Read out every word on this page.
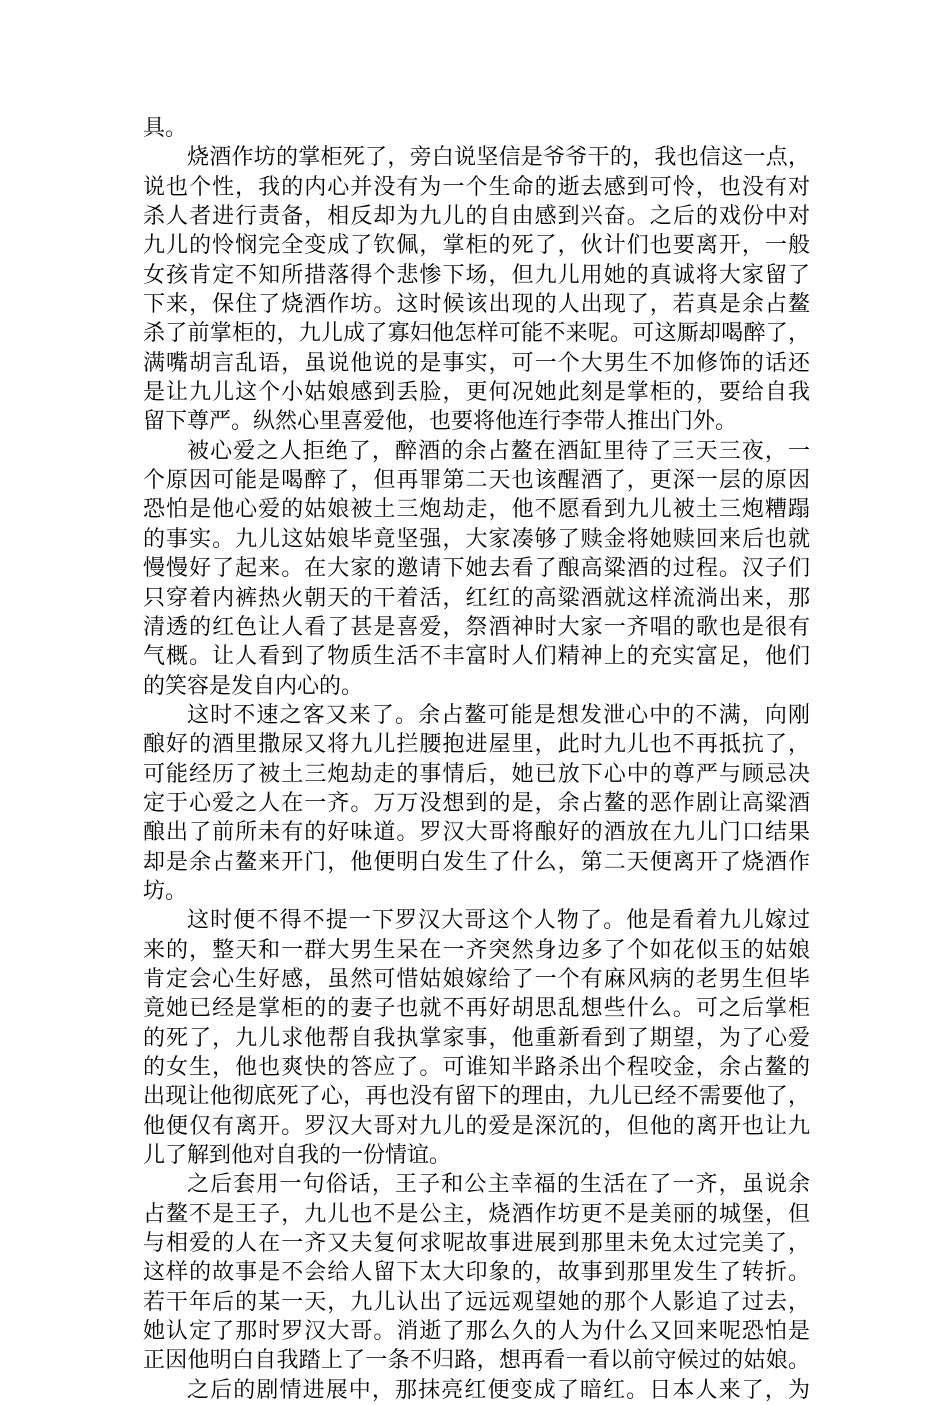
具。
烧酒作坊的掌柜死了，旁白说坚信是爷爷干的，我也信这一点，
说也个性，我的内心并没有为一个生命的逝去感到可怜，也没有对
杀人者进行责备，相反却为九儿的自由感到兴奋。之后的戏份中对
九儿的怜悯完全变成了钦佩，掌柜的死了，伙计们也要离开，一般
女孩肯定不知所措落得个悲惨下场，但九儿用她的真诚将大家留了
下来，保住了烧酒作坊。这时候该出现的人出现了，若真是余占鳌
杀了前掌柜的，九儿成了寡妇他怎样可能不来呢。可这厮却喝醉了，
满嘴胡言乱语，虽说他说的是事实，可一个大男生不加修饰的话还
是让九儿这个小姑娘感到丢脸，更何况她此刻是掌柜的，要给自我
留下尊严。纵然心里喜爱他，也要将他连行李带人推出门外。
被心爱之人拒绝了，醉酒的余占鳌在酒缸里待了三天三夜，一
个原因可能是喝醉了，但再罪第二天也该醒酒了，更深一层的原因
恐怕是他心爱的姑娘被土三炮劫走，他不愿看到九儿被土三炮糟蹋
的事实。九儿这姑娘毕竟坚强，大家凑够了赎金将她赎回来后也就
慢慢好了起来。在大家的邀请下她去看了酿高粱酒的过程。汉子们
只穿着内裤热火朝天的干着活，红红的高粱酒就这样流淌出来，那
清透的红色让人看了甚是喜爱，祭酒神时大家一齐唱的歌也是很有
气概。让人看到了物质生活不丰富时人们精神上的充实富足，他们
的笑容是发自内心的。
这时不速之客又来了。余占鳌可能是想发泄心中的不满，向刚
酿好的酒里撒尿又将九儿拦腰抱进屋里，此时九儿也不再抵抗了，
可能经历了被土三炮劫走的事情后，她已放下心中的尊严与顾忌决
定于心爱之人在一齐。万万没想到的是，余占鳌的恶作剧让高粱酒
酿出了前所未有的好味道。罗汉大哥将酿好的酒放在九儿门口结果
却是余占鳌来开门，他便明白发生了什么，第二天便离开了烧酒作
坊。
这时便不得不提一下罗汉大哥这个人物了。他是看着九儿嫁过
来的，整天和一群大男生呆在一齐突然身边多了个如花似玉的姑娘
肯定会心生好感，虽然可惜姑娘嫁给了一个有麻风病的老男生但毕
竟她已经是掌柜的的妻子也就不再好胡思乱想些什么。可之后掌柜
的死了，九儿求他帮自我执掌家事，他重新看到了期望，为了心爱
的女生，他也爽快的答应了。可谁知半路杀出个程咬金，余占鳌的
出现让他彻底死了心，再也没有留下的理由，九儿已经不需要他了，
他便仅有离开。罗汉大哥对九儿的爱是深沉的，但他的离开也让九
儿了解到他对自我的一份情谊。
之后套用一句俗话，王子和公主幸福的生活在了一齐，虽说余
占鳌不是王子，九儿也不是公主，烧酒作坊更不是美丽的城堡，但
与相爱的人在一齐又夫复何求呢故事进展到那里未免太过完美了，
这样的故事是不会给人留下太大印象的，故事到那里发生了转折。
若干年后的某一天，九儿认出了远远观望她的那个人影追了过去，
她认定了那时罗汉大哥。消逝了那么久的人为什么又回来呢恐怕是
正因他明白自我踏上了一条不归路，想再看一看以前守候过的姑娘。
之后的剧情进展中，那抹亮红便变成了暗红。日本人来了，为
